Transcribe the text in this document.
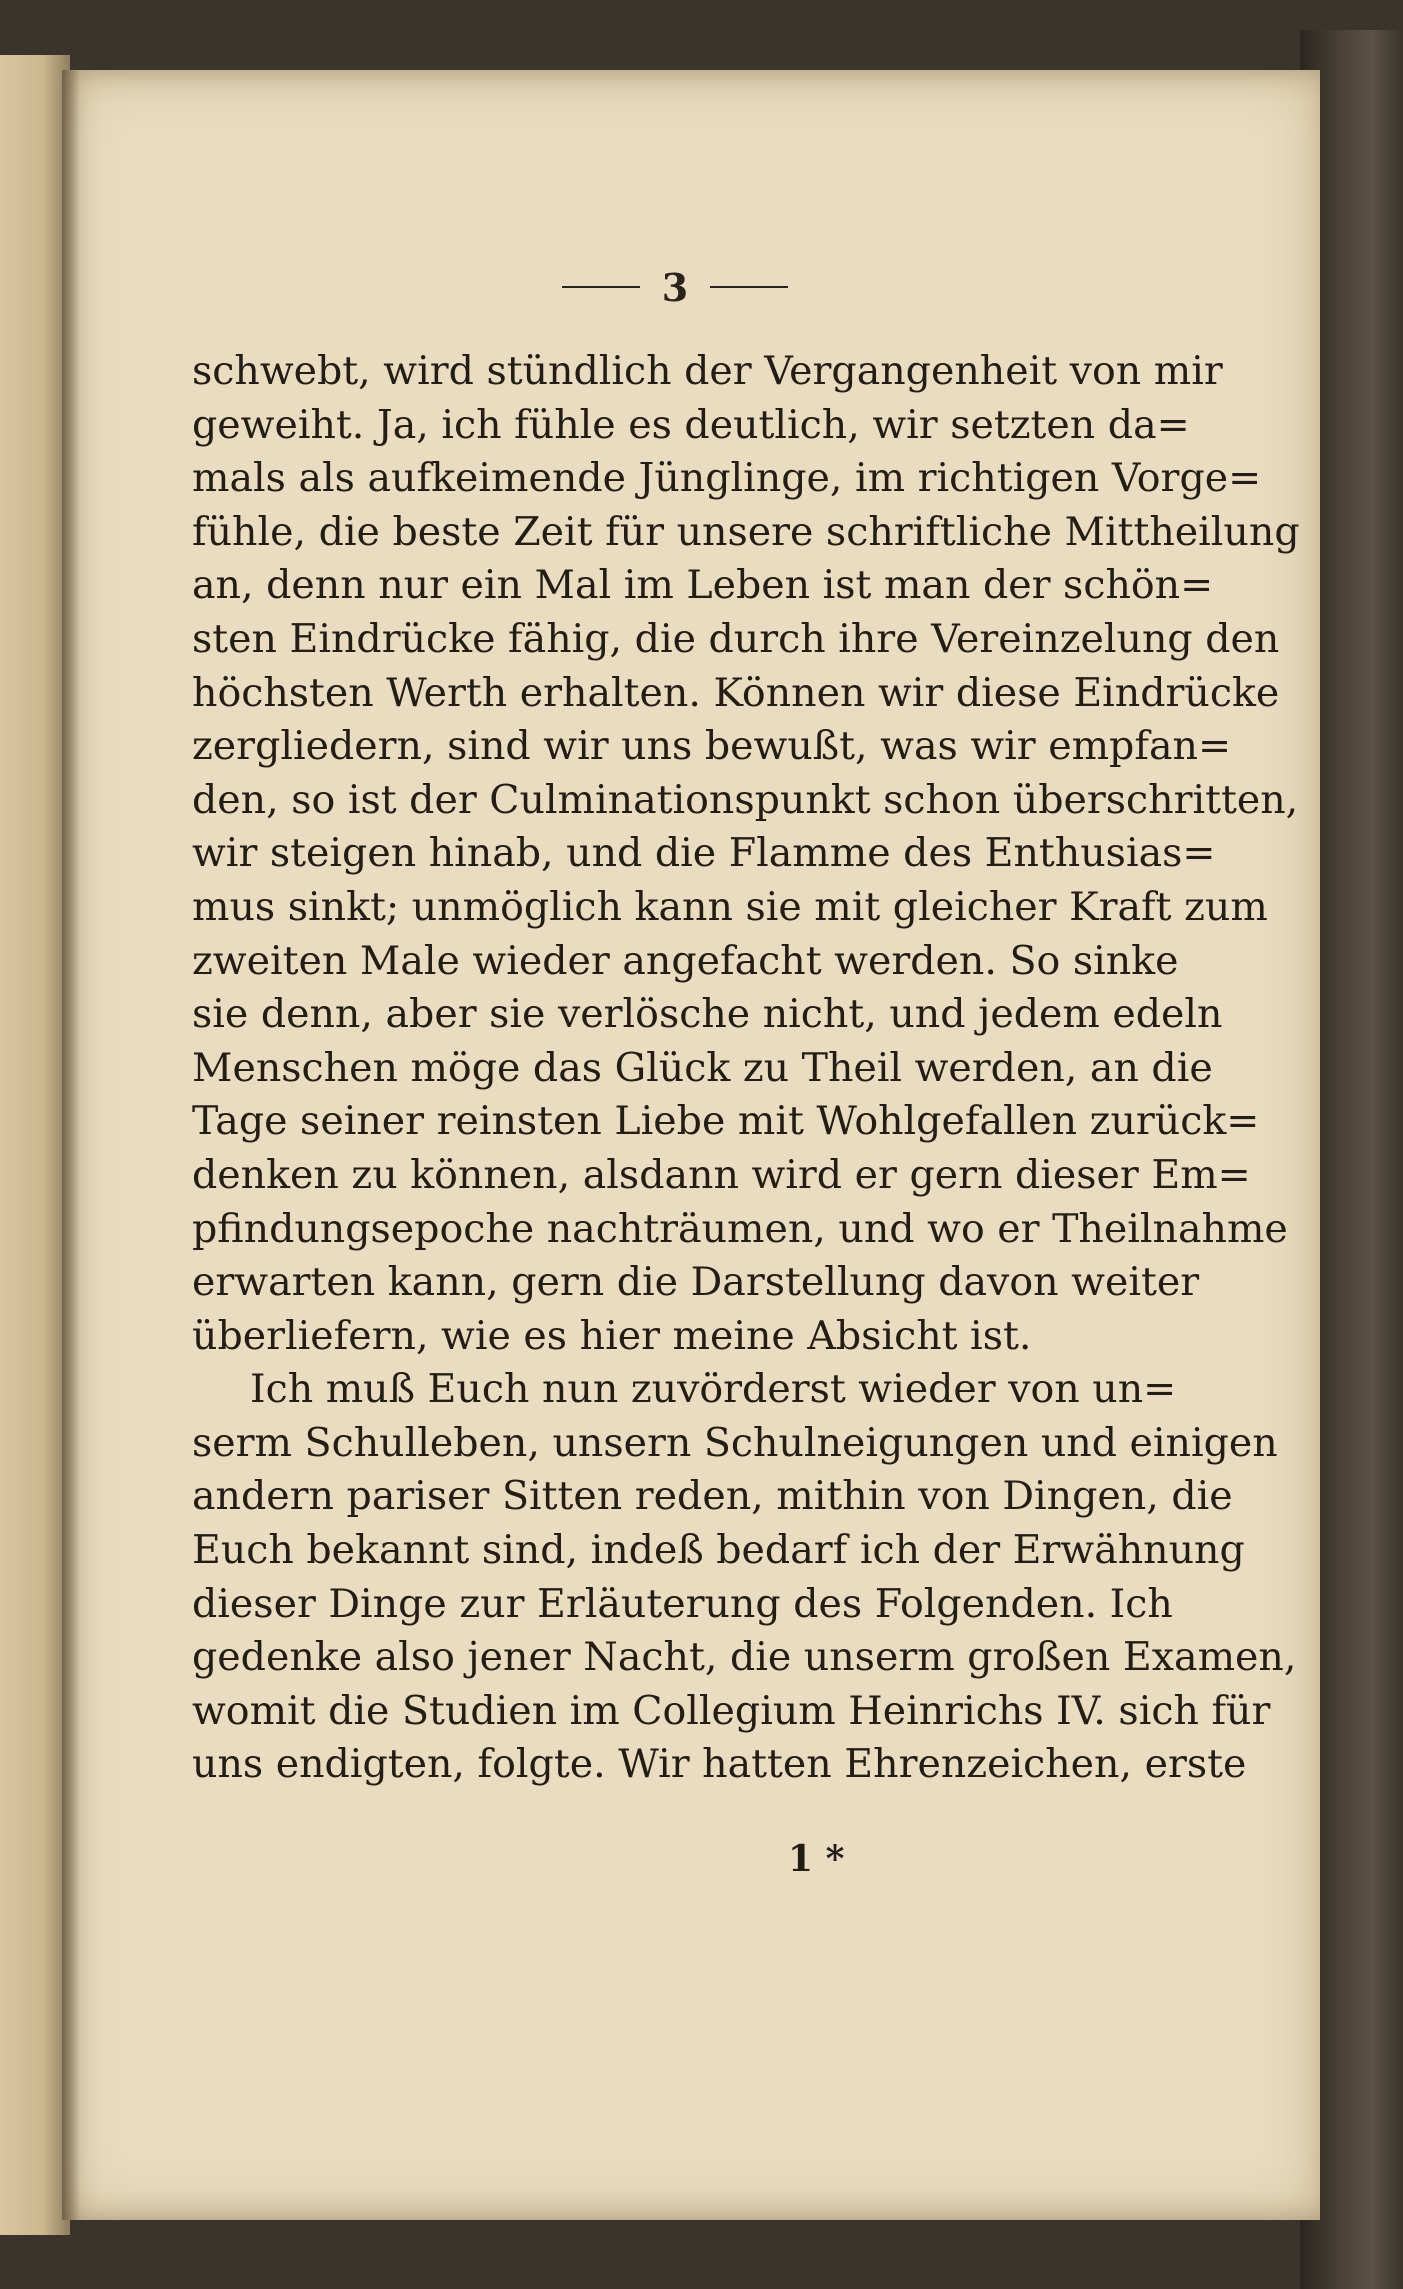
3
schwebt, wird stündlich der Vergangenheit von mir
geweiht. Ja, ich fühle es deutlich, wir setzten da=
mals als aufkeimende Jünglinge, im richtigen Vorge=
fühle, die beste Zeit für unsere schriftliche Mittheilung
an, denn nur ein Mal im Leben ist man der schön=
sten Eindrücke fähig, die durch ihre Vereinzelung den
höchsten Werth erhalten. Können wir diese Eindrücke
zergliedern, sind wir uns bewußt, was wir empfan=
den, so ist der Culminationspunkt schon überschritten,
wir steigen hinab, und die Flamme des Enthusias=
mus sinkt; unmöglich kann sie mit gleicher Kraft zum
zweiten Male wieder angefacht werden. So sinke
sie denn, aber sie verlösche nicht, und jedem edeln
Menschen möge das Glück zu Theil werden, an die
Tage seiner reinsten Liebe mit Wohlgefallen zurück=
denken zu können, alsdann wird er gern dieser Em=
pfindungsepoche nachträumen, und wo er Theilnahme
erwarten kann, gern die Darstellung davon weiter
überliefern, wie es hier meine Absicht ist.
Ich muß Euch nun zuvörderst wieder von un=
serm Schulleben, unsern Schulneigungen und einigen
andern pariser Sitten reden, mithin von Dingen, die
Euch bekannt sind, indeß bedarf ich der Erwähnung
dieser Dinge zur Erläuterung des Folgenden. Ich
gedenke also jener Nacht, die unserm großen Examen,
womit die Studien im Collegium Heinrichs IV. sich für
uns endigten, folgte. Wir hatten Ehrenzeichen, erste
1 *
